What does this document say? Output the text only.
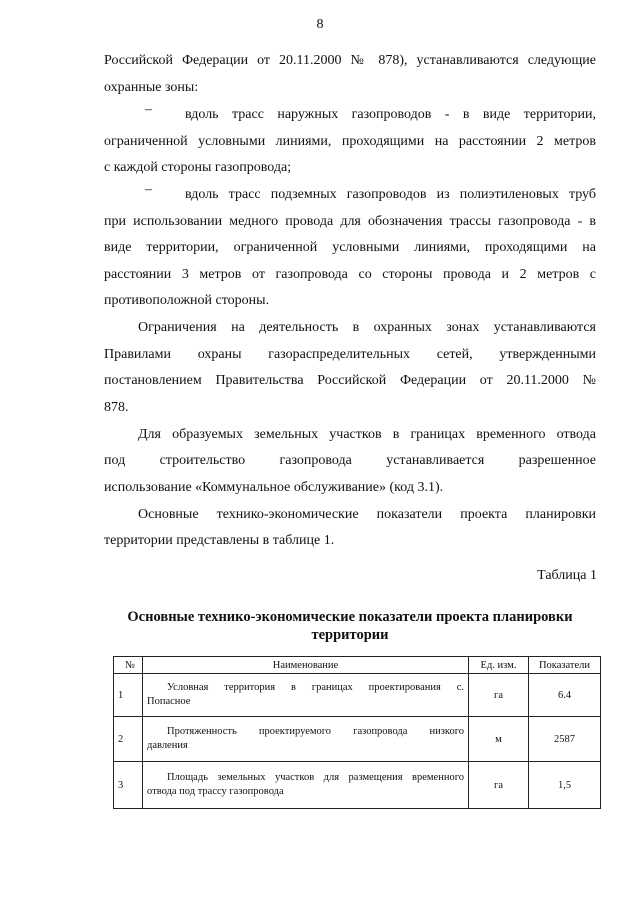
8
Российской Федерации от 20.11.2000 № 878), устанавливаются следующие
охранные зоны:
– вдоль трасс наружных газопроводов - в виде территории,
ограниченной условными линиями, проходящими на расстоянии 2 метров
с каждой стороны газопровода;
– вдоль трасс подземных газопроводов из полиэтиленовых труб
при использовании медного провода для обозначения трассы газопровода - в
виде территории, ограниченной условными линиями, проходящими на
расстоянии 3 метров от газопровода со стороны провода и 2 метров с
противоположной стороны.
Ограничения на деятельность в охранных зонах устанавливаются
Правилами охраны газораспределительных сетей, утвержденными
постановлением Правительства Российской Федерации от 20.11.2000 №
878.
Для образуемых земельных участков в границах временного отвода
под строительство газопровода устанавливается разрешенное
использование «Коммунальное обслуживание» (код 3.1).
Основные технико-экономические показатели проекта планировки
территории представлены в таблице 1.
Таблица 1
Основные технико-экономические показатели проекта планировки
территории
№	Наименование	Ед. изм.	Показатели
1	Условная территория в границах проектирования с.
Попасное	га	6.4
2	Протяженность проектируемого газопровода низкого
давления	м	2587
3	Площадь земельных участков для размещения временного
отвода под трассу газопровода	га	1,5
